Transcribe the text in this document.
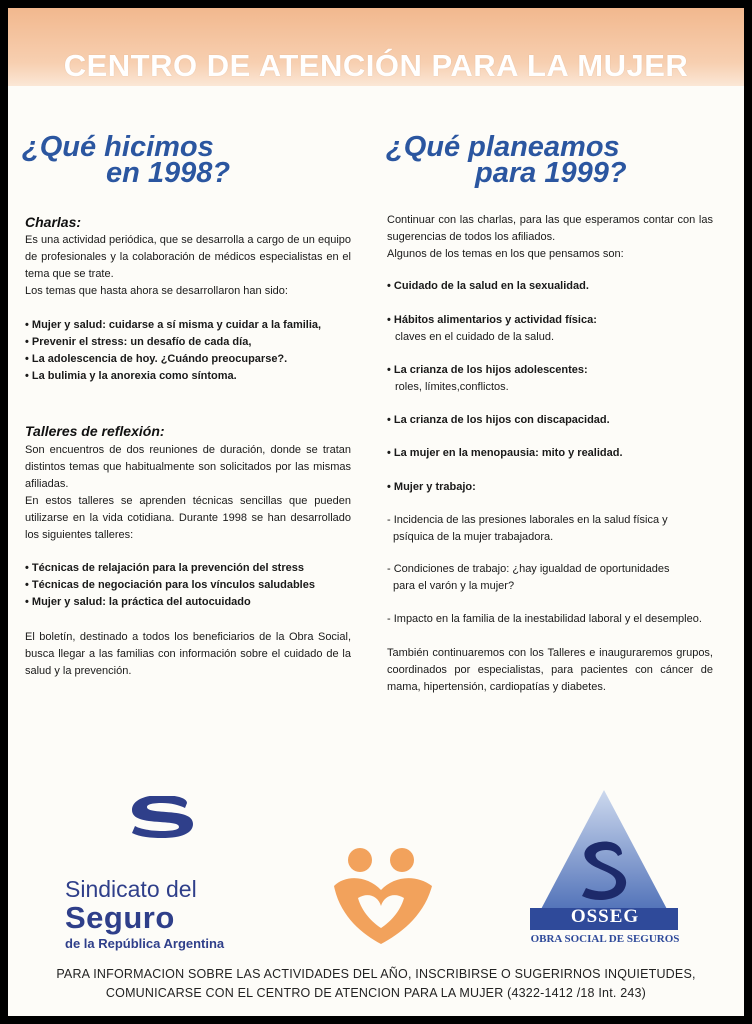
CENTRO DE ATENCIÓN PARA LA MUJER
¿Qué hicimos
en 1998?
Charlas:
Es una actividad periódica, que se desarrolla a cargo de un equipo de profesionales y la colaboración de médicos especialistas en el tema que se trate.
Los temas que hasta ahora se desarrollaron han sido:
• Mujer y salud: cuidarse a sí misma y cuidar a la familia,
• Prevenir el stress: un desafío de cada día,
• La adolescencia de hoy. ¿Cuándo preocuparse?.
• La bulimia y la anorexia como síntoma.
Talleres de reflexión:
Son encuentros de dos reuniones de duración, donde se tratan distintos temas que habitualmente son solicitados por las mismas afiliadas.
En estos talleres se aprenden técnicas sencillas que pueden utilizarse en la vida cotidiana. Durante 1998 se han desarrollado los siguientes talleres:
• Técnicas de relajación para la prevención del stress
• Técnicas de negociación para los vínculos saludables
• Mujer y salud: la práctica del autocuidado
El boletín, destinado a todos los beneficiarios de la Obra Social, busca llegar a las familias con información sobre el cuidado de la salud y la prevención.
¿Qué planeamos
para 1999?
Continuar con las charlas, para las que esperamos contar con las sugerencias de todos los afiliados.
Algunos de los temas en los que pensamos son:
• Cuidado de la salud en la sexualidad.
• Hábitos alimentarios y actividad física:
claves en el cuidado de la salud.
• La crianza de los hijos adolescentes:
roles, límites,conflictos.
• La crianza de los hijos con discapacidad.
• La mujer en la menopausia: mito y realidad.
• Mujer y trabajo:
- Incidencia de las presiones laborales en la salud física y
psíquica de la mujer trabajadora.
- Condiciones de trabajo: ¿hay igualdad de oportunidades
para el varón y la mujer?
- Impacto en la familia de la inestabilidad laboral y el desempleo.
También continuaremos con los Talleres e inauguraremos grupos, coordinados por especialistas, para pacientes con cáncer de mama, hipertensión, cardiopatías y diabetes.
Sindicato del
Seguro
de la República Argentina
OSSEG
OBRA SOCIAL DE SEGUROS
PARA INFORMACION SOBRE LAS ACTIVIDADES DEL AÑO, INSCRIBIRSE O SUGERIRNOS INQUIETUDES,
COMUNICARSE CON EL CENTRO DE ATENCION PARA LA MUJER (4322-1412 /18 Int. 243)
